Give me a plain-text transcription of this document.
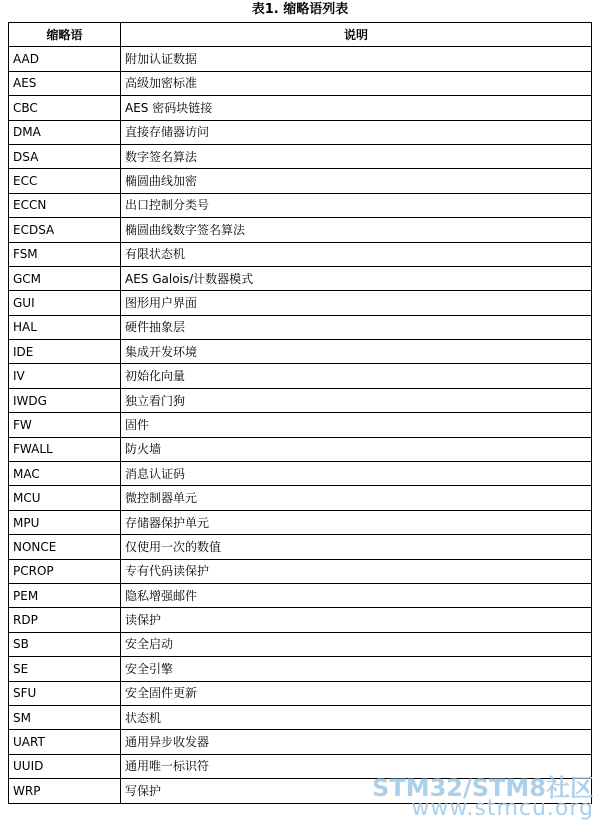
表1. 缩略语列表
缩略语	说明
AAD	附加认证数据
AES	高级加密标准
CBC	AES 密码块链接
DMA	直接存储器访问
DSA	数字签名算法
ECC	椭圆曲线加密
ECCN	出口控制分类号
ECDSA	椭圆曲线数字签名算法
FSM	有限状态机
GCM	AES Galois/计数器模式
GUI	图形用户界面
HAL	硬件抽象层
IDE	集成开发环境
IV	初始化向量
IWDG	独立看门狗
FW	固件
FWALL	防火墙
MAC	消息认证码
MCU	微控制器单元
MPU	存储器保护单元
NONCE	仅使用一次的数值
PCROP	专有代码读保护
PEM	隐私增强邮件
RDP	读保护
SB	安全启动
SE	安全引擎
SFU	安全固件更新
SM	状态机
UART	通用异步收发器
UUID	通用唯一标识符
WRP	写保护	STM32/STM8社区
www.stmcu.org
